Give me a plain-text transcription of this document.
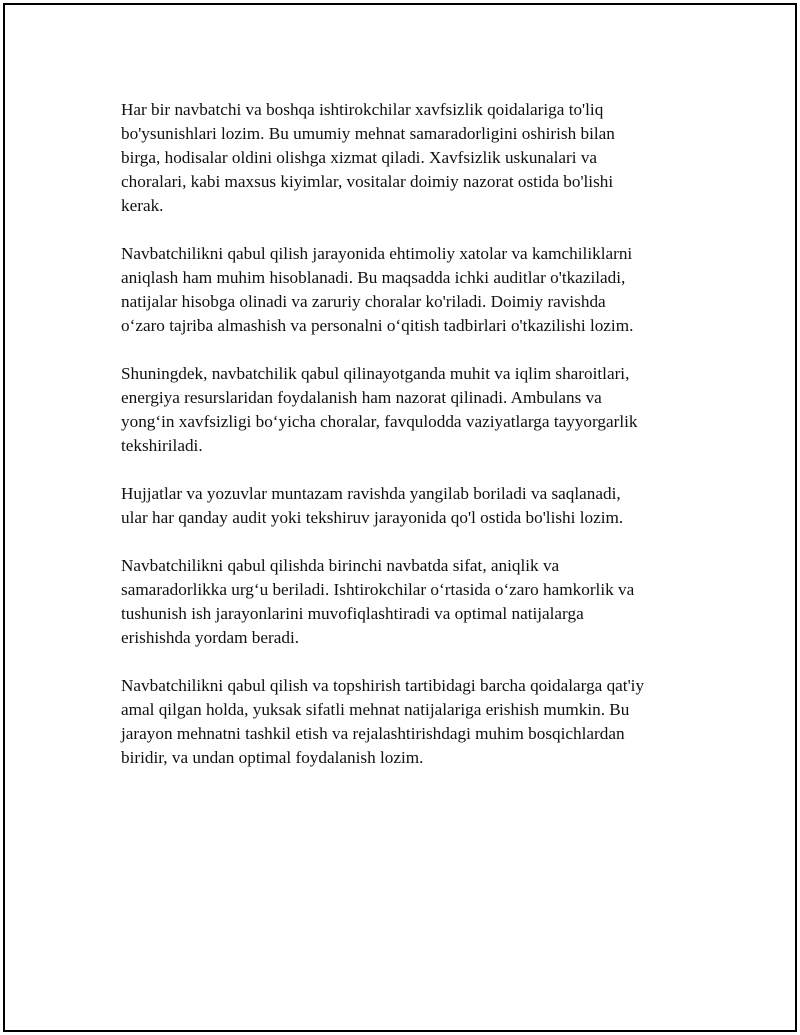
Har bir navbatchi va boshqa ishtirokchilar xavfsizlik qoidalariga to'liq
bo'ysunishlari lozim. Bu umumiy mehnat samaradorligini oshirish bilan
birga, hodisalar oldini olishga xizmat qiladi. Xavfsizlik uskunalari va
choralari, kabi maxsus kiyimlar, vositalar doimiy nazorat ostida bo'lishi
kerak.

Navbatchilikni qabul qilish jarayonida ehtimoliy xatolar va kamchiliklarni
aniqlash ham muhim hisoblanadi. Bu maqsadda ichki auditlar o'tkaziladi,
natijalar hisobga olinadi va zaruriy choralar ko'riladi. Doimiy ravishda
o‘zaro tajriba almashish va personalni o‘qitish tadbirlari o'tkazilishi lozim.

Shuningdek, navbatchilik qabul qilinayotganda muhit va iqlim sharoitlari,
energiya resurslaridan foydalanish ham nazorat qilinadi. Ambulans va
yong‘in xavfsizligi bo‘yicha choralar, favqulodda vaziyatlarga tayyorgarlik
tekshiriladi.

Hujjatlar va yozuvlar muntazam ravishda yangilab boriladi va saqlanadi,
ular har qanday audit yoki tekshiruv jarayonida qo'l ostida bo'lishi lozim.

Navbatchilikni qabul qilishda birinchi navbatda sifat, aniqlik va
samaradorlikka urg‘u beriladi. Ishtirokchilar o‘rtasida o‘zaro hamkorlik va
tushunish ish jarayonlarini muvofiqlashtiradi va optimal natijalarga
erishishda yordam beradi.

Navbatchilikni qabul qilish va topshirish tartibidagi barcha qoidalarga qat'iy
amal qilgan holda, yuksak sifatli mehnat natijalariga erishish mumkin. Bu
jarayon mehnatni tashkil etish va rejalashtirishdagi muhim bosqichlardan
biridir, va undan optimal foydalanish lozim.
